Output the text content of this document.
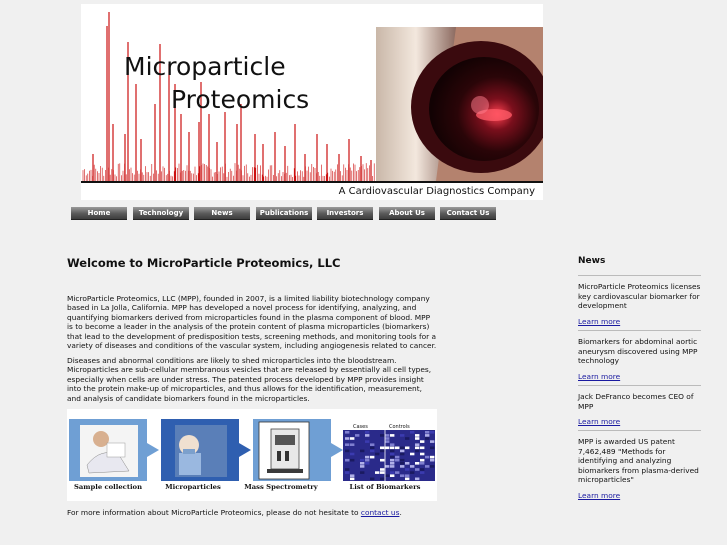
Microparticle
Proteomics
A Cardiovascular Diagnostics Company
Home	Technology	News	Publications	Investors	About Us	Contact Us
Welcome to MicroParticle Proteomics, LLC
MicroParticle Proteomics, LLC (MPP), founded in 2007, is a limited liability biotechnology company based in La Jolla, California. MPP has developed a novel process for identifying, analyzing, and quantifying biomarkers derived from microparticles found in the plasma component of blood. MPP is to become a leader in the analysis of the protein content of plasma microparticles (biomarkers) that lead to the development of predisposition tests, screening methods, and monitoring tools for a variety of diseases and conditions of the vascular system, including angiogenesis related to cancer.
Diseases and abnormal conditions are likely to shed microparticles into the bloodstream. Microparticles are sub-cellular membranous vesicles that are released by essentially all cell types, especially when cells are under stress. The patented process developed by MPP provides insight into the protein make-up of microparticles, and thus allows for the identification, measurement, and analysis of candidate biomarkers found in the microparticles.
Cases	Controls
Sample collection	Microparticles	Mass Spectrometry	List of Biomarkers
For more information about MicroParticle Proteomics, please do not hesitate to contact us.
News
MicroParticle Proteomics licenses key cardiovascular biomarker for development
Learn more
Biomarkers for abdominal aortic aneurysm discovered using MPP technology
Learn more
Jack DeFranco becomes CEO of MPP
Learn more
MPP is awarded US patent 7,462,489 "Methods for identifying and analyzing biomarkers from plasma-derived microparticles"
Learn more
